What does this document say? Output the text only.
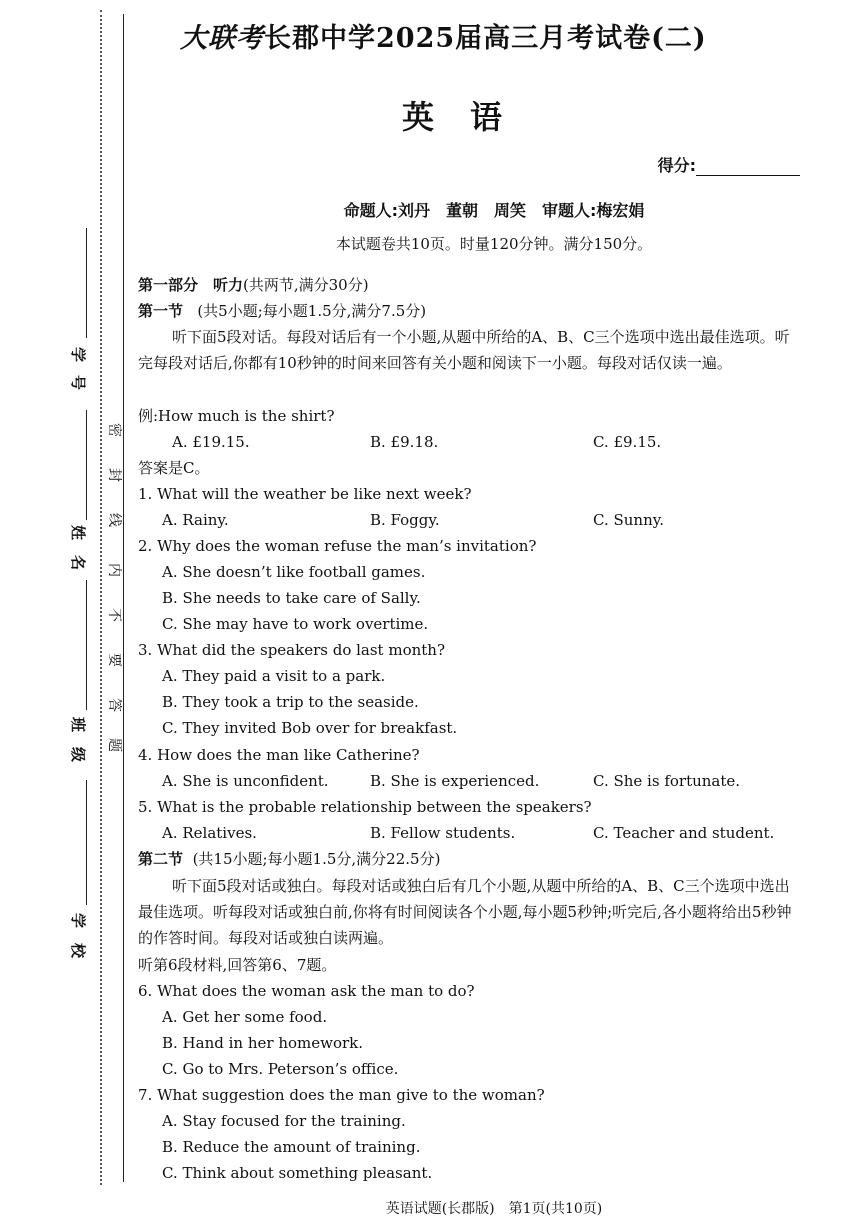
学
号
姓
名
班
级
学
校
密
封
线
内
不
要
答
题
大联考长郡中学2025届高三月考试卷(二)
英语
得分:
命题人:刘丹　董朝　周笑　审题人:梅宏娟
本试题卷共10页。时量120分钟。满分150分。
第一部分　听力(共两节,满分30分)
第一节 (共5小题;每小题1.5分,满分7.5分)
听下面5段对话。每段对话后有一个小题,从题中所给的A、B、C三个选项中选出最佳选项。听完每段对话后,你都有10秒钟的时间来回答有关小题和阅读下一小题。每段对话仅读一遍。
例:How much is the shirt?
A. £19.15.	B. £9.18.	C. £9.15.
答案是C。
1. What will the weather be like next week?
A. Rainy.	B. Foggy.	C. Sunny.
2. Why does the woman refuse the man’s invitation?
A. She doesn’t like football games.
B. She needs to take care of Sally.
C. She may have to work overtime.
3. What did the speakers do last month?
A. They paid a visit to a park.
B. They took a trip to the seaside.
C. They invited Bob over for breakfast.
4. How does the man like Catherine?
A. She is unconfident.	B. She is experienced.	C. She is fortunate.
5. What is the probable relationship between the speakers?
A. Relatives.	B. Fellow students.	C. Teacher and student.
第二节 (共15小题;每小题1.5分,满分22.5分)
听下面5段对话或独白。每段对话或独白后有几个小题,从题中所给的A、B、C三个选项中选出最佳选项。听每段对话或独白前,你将有时间阅读各个小题,每小题5秒钟;听完后,各小题将给出5秒钟的作答时间。每段对话或独白读两遍。
听第6段材料,回答第6、7题。
6. What does the woman ask the man to do?
A. Get her some food.
B. Hand in her homework.
C. Go to Mrs. Peterson’s office.
7. What suggestion does the man give to the woman?
A. Stay focused for the training.
B. Reduce the amount of training.
C. Think about something pleasant.
英语试题(长郡版)　第1页(共10页)
